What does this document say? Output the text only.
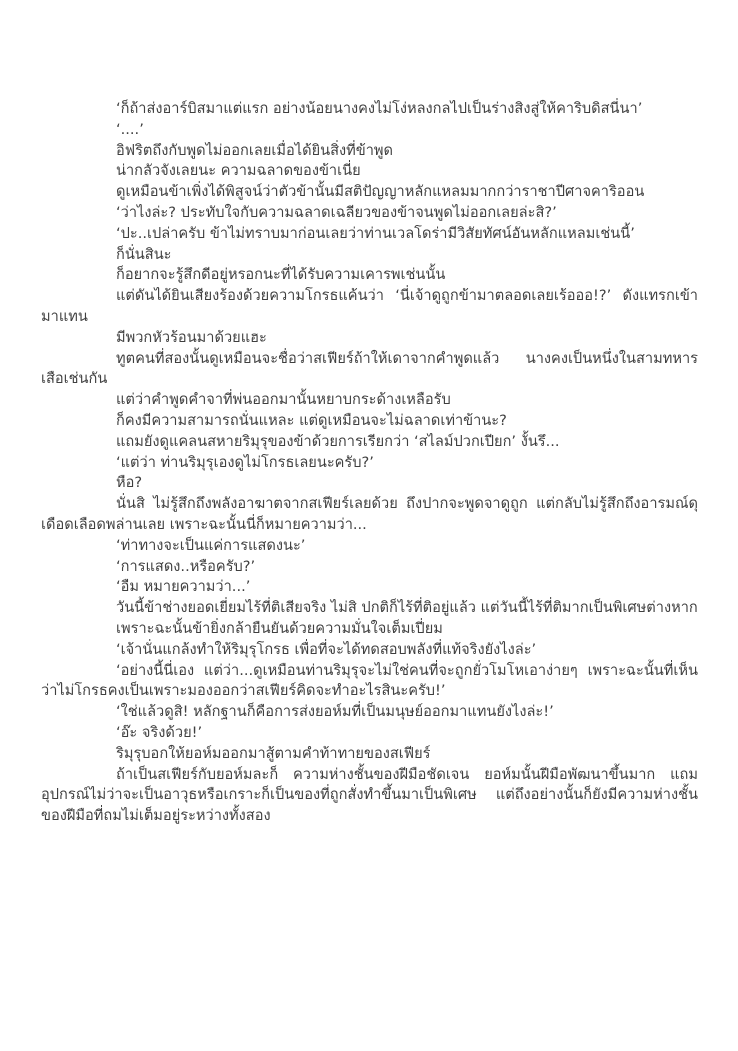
‘ก็ถ้าส่งอาร์บิสมาแต่แรก อย่างน้อยนางคงไม่โง่หลงกลไปเป็นร่างสิงสู่ให้คาริบดิสนี่นา’

‘....’

อิฟริตถึงกับพูดไม่ออกเลยเมื่อได้ยินสิ่งที่ข้าพูด

น่ากลัวจังเลยนะ ความฉลาดของข้าเนี่ย

ดูเหมือนข้าเพิ่งได้พิสูจน์ว่าตัวข้านั้นมีสติปัญญาหลักแหลมมากกว่าราชาปีศาจคาริออน

‘ว่าไงล่ะ? ประทับใจกับความฉลาดเฉลียวของข้าจนพูดไม่ออกเลยล่ะสิ?’

‘ปะ..เปล่าครับ ข้าไม่ทราบมาก่อนเลยว่าท่านเวลโดร่ามีวิสัยทัศน์อันหลักแหลมเช่นนี้’

ก็นั่นสินะ

ก็อยากจะรู้สึกดีอยู่หรอกนะที่ได้รับความเคารพเช่นนั้น

แต่ดันได้ยินเสียงร้องด้วยความโกรธแค้นว่า ‘นี่เจ้าดูถูกข้ามาตลอดเลยเร้อออ!?’ ดังแทรกเข้ามาแทน

มีพวกหัวร้อนมาด้วยแฮะ

ทูตคนที่สองนั้นดูเหมือนจะชื่อว่าสเฟียร์ถ้าให้เดาจากคำพูดแล้ว นางคงเป็นหนึ่งในสามทหารเสือเช่นกัน

แต่ว่าคำพูดคำจาที่พ่นออกมานั้นหยาบกระด้างเหลือรับ

ก็คงมีความสามารถนั่นแหละ แต่ดูเหมือนจะไม่ฉลาดเท่าข้านะ?

แถมยังดูแคลนสหายริมุรุของข้าด้วยการเรียกว่า ‘สไลม์ปวกเปียก’ งั้นรึ...

‘แต่ว่า ท่านริมุรุเองดูไม่โกรธเลยนะครับ?’

หือ?

นั่นสิ ไม่รู้สึกถึงพลังอาฆาตจากสเฟียร์เลยด้วย ถึงปากจะพูดจาดูถูก แต่กลับไม่รู้สึกถึงอารมณ์ดุเดือดเลือดพล่านเลย เพราะฉะนั้นนี่ก็หมายความว่า...

‘ท่าทางจะเป็นแค่การแสดงนะ’

‘การแสดง..หรือครับ?’

‘อืม หมายความว่า...’

วันนี้ข้าช่างยอดเยี่ยมไร้ที่ติเสียจริง ไม่สิ ปกติก็ไร้ที่ติอยู่แล้ว แต่วันนี้ไร้ที่ติมากเป็นพิเศษต่างหาก

เพราะฉะนั้นข้ายิ่งกล้ายืนยันด้วยความมั่นใจเต็มเปี่ยม

‘เจ้านั่นแกล้งทำให้ริมุรุโกรธ เพื่อที่จะได้ทดสอบพลังที่แท้จริงยังไงล่ะ’

‘อย่างนี้นี่เอง แต่ว่า...ดูเหมือนท่านริมุรุจะไม่ใช่คนที่จะถูกยั่วโมโหเอาง่ายๆ เพราะฉะนั้นที่เห็นว่าไม่โกรธคงเป็นเพราะมองออกว่าสเฟียร์คิดจะทำอะไรสินะครับ!’

‘ใช่แล้วดูสิ! หลักฐานก็คือการส่งยอห์มที่เป็นมนุษย์ออกมาแทนยังไงล่ะ!’

‘อ๊ะ จริงด้วย!’

ริมุรุบอกให้ยอห์มออกมาสู้ตามคำท้าทายของสเฟียร์

ถ้าเป็นสเฟียร์กับยอห์มละก็ ความห่างชั้นของฝีมือชัดเจน ยอห์มนั้นฝีมือพัฒนาขึ้นมาก แถมอุปกรณ์ไม่ว่าจะเป็นอาวุธหรือเกราะก็เป็นของที่ถูกสั่งทำขึ้นมาเป็นพิเศษ แต่ถึงอย่างนั้นก็ยังมีความห่างชั้นของฝีมือที่ถมไม่เต็มอยู่ระหว่างทั้งสอง
